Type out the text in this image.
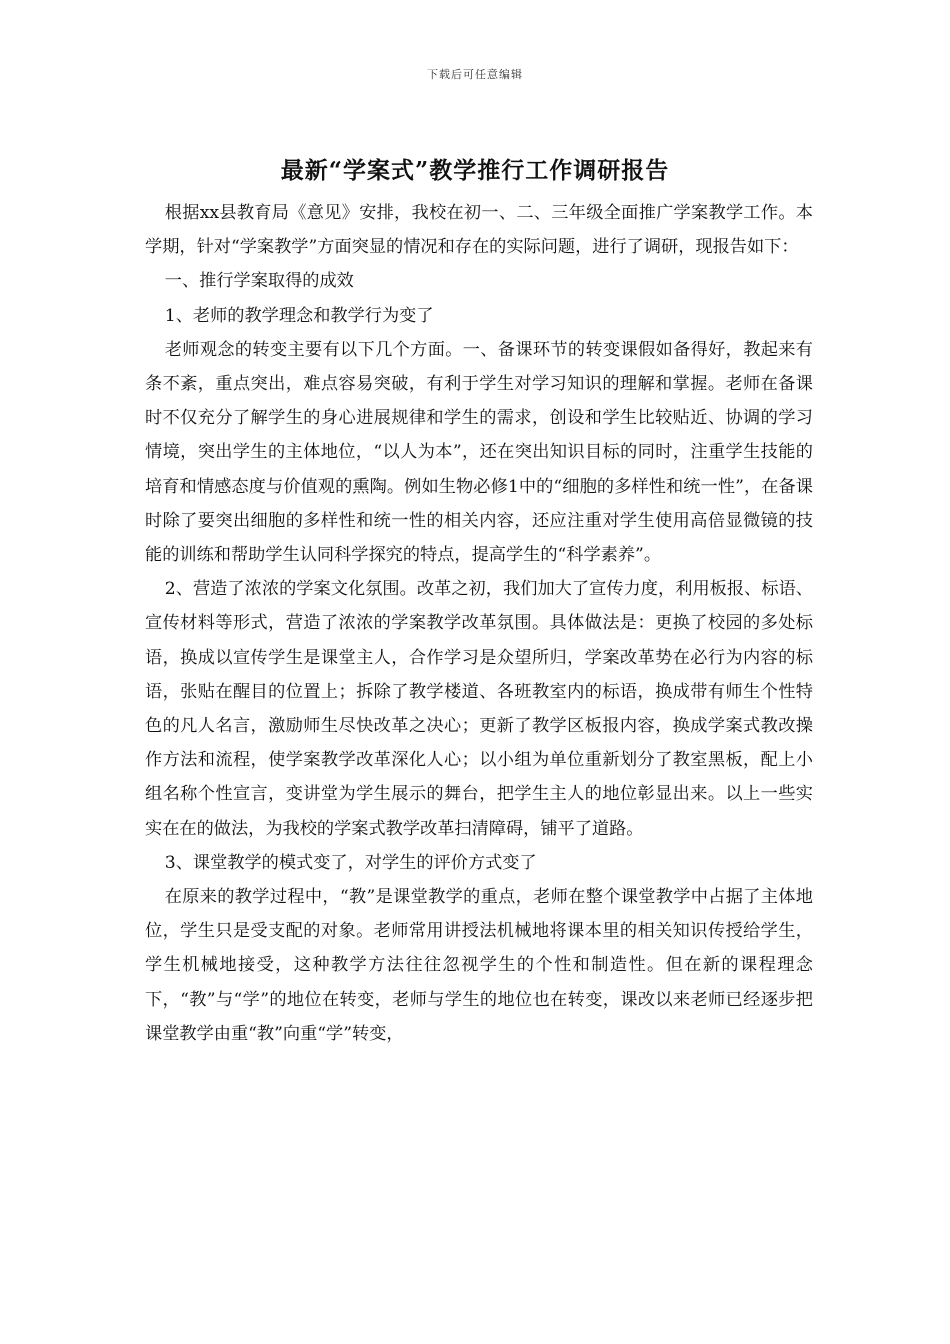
下载后可任意编辑
最新“学案式”教学推行工作调研报告

根据xx县教育局《意见》安排，我校在初一、二、三年级全面推广学案教学工作。本学期，针对“学案教学”方面突显的情况和存在的实际问题，进行了调研，现报告如下：

一、推行学案取得的成效

1、老师的教学理念和教学行为变了

老师观念的转变主要有以下几个方面。一、备课环节的转变课假如备得好，教起来有条不紊，重点突出，难点容易突破，有利于学生对学习知识的理解和掌握。老师在备课时不仅充分了解学生的身心进展规律和学生的需求，创设和学生比较贴近、协调的学习情境，突出学生的主体地位，“以人为本”，还在突出知识目标的同时，注重学生技能的培育和情感态度与价值观的熏陶。例如生物必修1中的“细胞的多样性和统一性”，在备课时除了要突出细胞的多样性和统一性的相关内容，还应注重对学生使用高倍显微镜的技能的训练和帮助学生认同科学探究的特点，提高学生的“科学素养”。

2、营造了浓浓的学案文化氛围。改革之初，我们加大了宣传力度，利用板报、标语、宣传材料等形式，营造了浓浓的学案教学改革氛围。具体做法是：更换了校园的多处标语，换成以宣传学生是课堂主人，合作学习是众望所归，学案改革势在必行为内容的标语，张贴在醒目的位置上；拆除了教学楼道、各班教室内的标语，换成带有师生个性特色的凡人名言，激励师生尽快改革之决心；更新了教学区板报内容，换成学案式教改操作方法和流程，使学案教学改革深化人心；以小组为单位重新划分了教室黑板，配上小组名称个性宣言，变讲堂为学生展示的舞台，把学生主人的地位彰显出来。以上一些实实在在的做法，为我校的学案式教学改革扫清障碍，铺平了道路。

3、课堂教学的模式变了，对学生的评价方式变了

在原来的教学过程中，“教”是课堂教学的重点，老师在整个课堂教学中占据了主体地位，学生只是受支配的对象。老师常用讲授法机械地将课本里的相关知识传授给学生，学生机械地接受，这种教学方法往往忽视学生的个性和制造性。但在新的课程理念下，“教”与“学”的地位在转变，老师与学生的地位也在转变，课改以来老师已经逐步把课堂教学由重“教”向重“学”转变，
